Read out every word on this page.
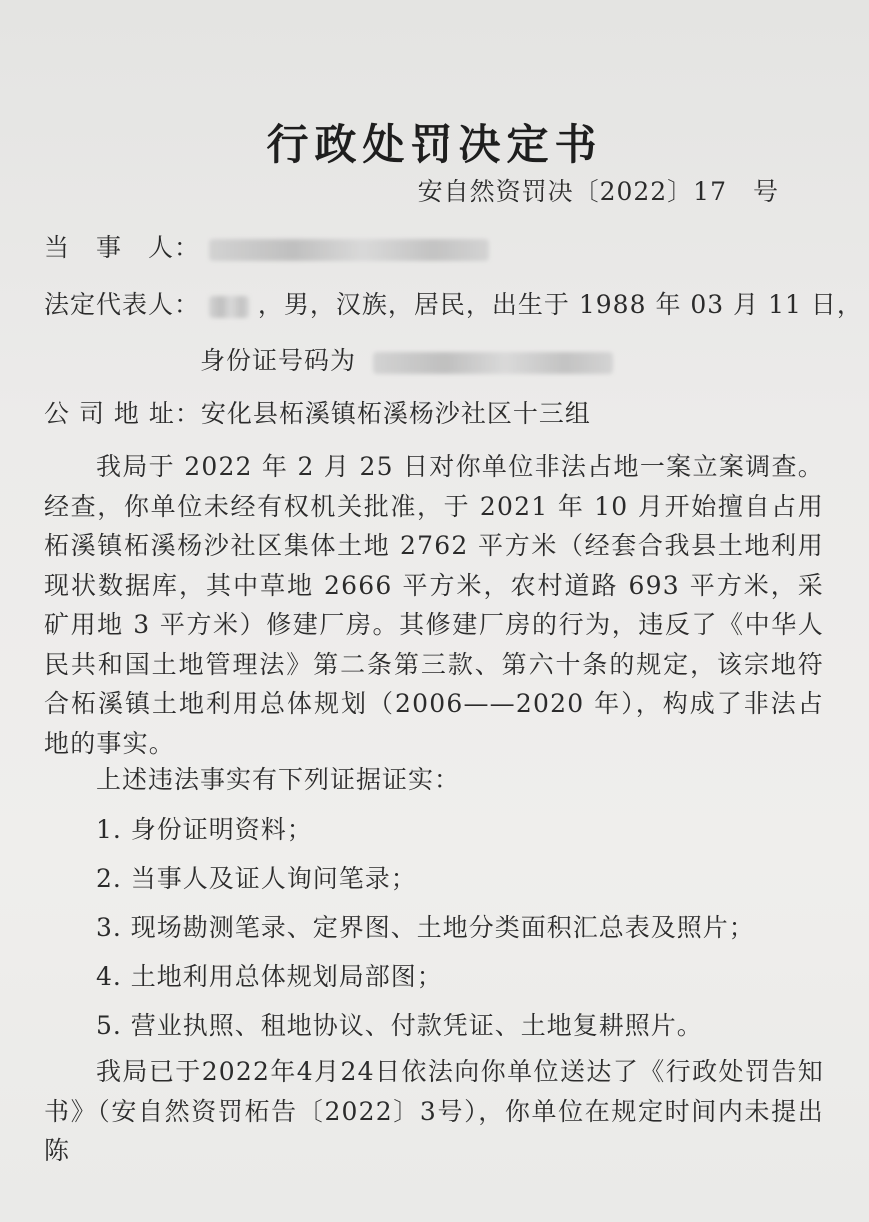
行政处罚决定书
安自然资罚决〔2022〕17　号
当　事　人：
法定代表人： ，男，汉族，居民，出生于 1988 年 03 月 11 日，
身份证号码为
公 司 地 址：安化县柘溪镇柘溪杨沙社区十三组
我局于 2022 年 2 月 25 日对你单位非法占地一案立案调查。经查，你单位未经有权机关批准，于 2021 年 10 月开始擅自占用柘溪镇柘溪杨沙社区集体土地 2762 平方米（经套合我县土地利用现状数据库，其中草地 2666 平方米，农村道路 693 平方米，采矿用地 3 平方米）修建厂房。其修建厂房的行为，违反了《中华人民共和国土地管理法》第二条第三款、第六十条的规定，该宗地符合柘溪镇土地利用总体规划（2006——2020 年），构成了非法占地的事实。
上述违法事实有下列证据证实：
1. 身份证明资料；
2. 当事人及证人询问笔录；
3. 现场勘测笔录、定界图、土地分类面积汇总表及照片；
4. 土地利用总体规划局部图；
5. 营业执照、租地协议、付款凭证、土地复耕照片。
我局已于2022年4月24日依法向你单位送达了《行政处罚告知书》（安自然资罚柘告〔2022〕3号），你单位在规定时间内未提出陈
